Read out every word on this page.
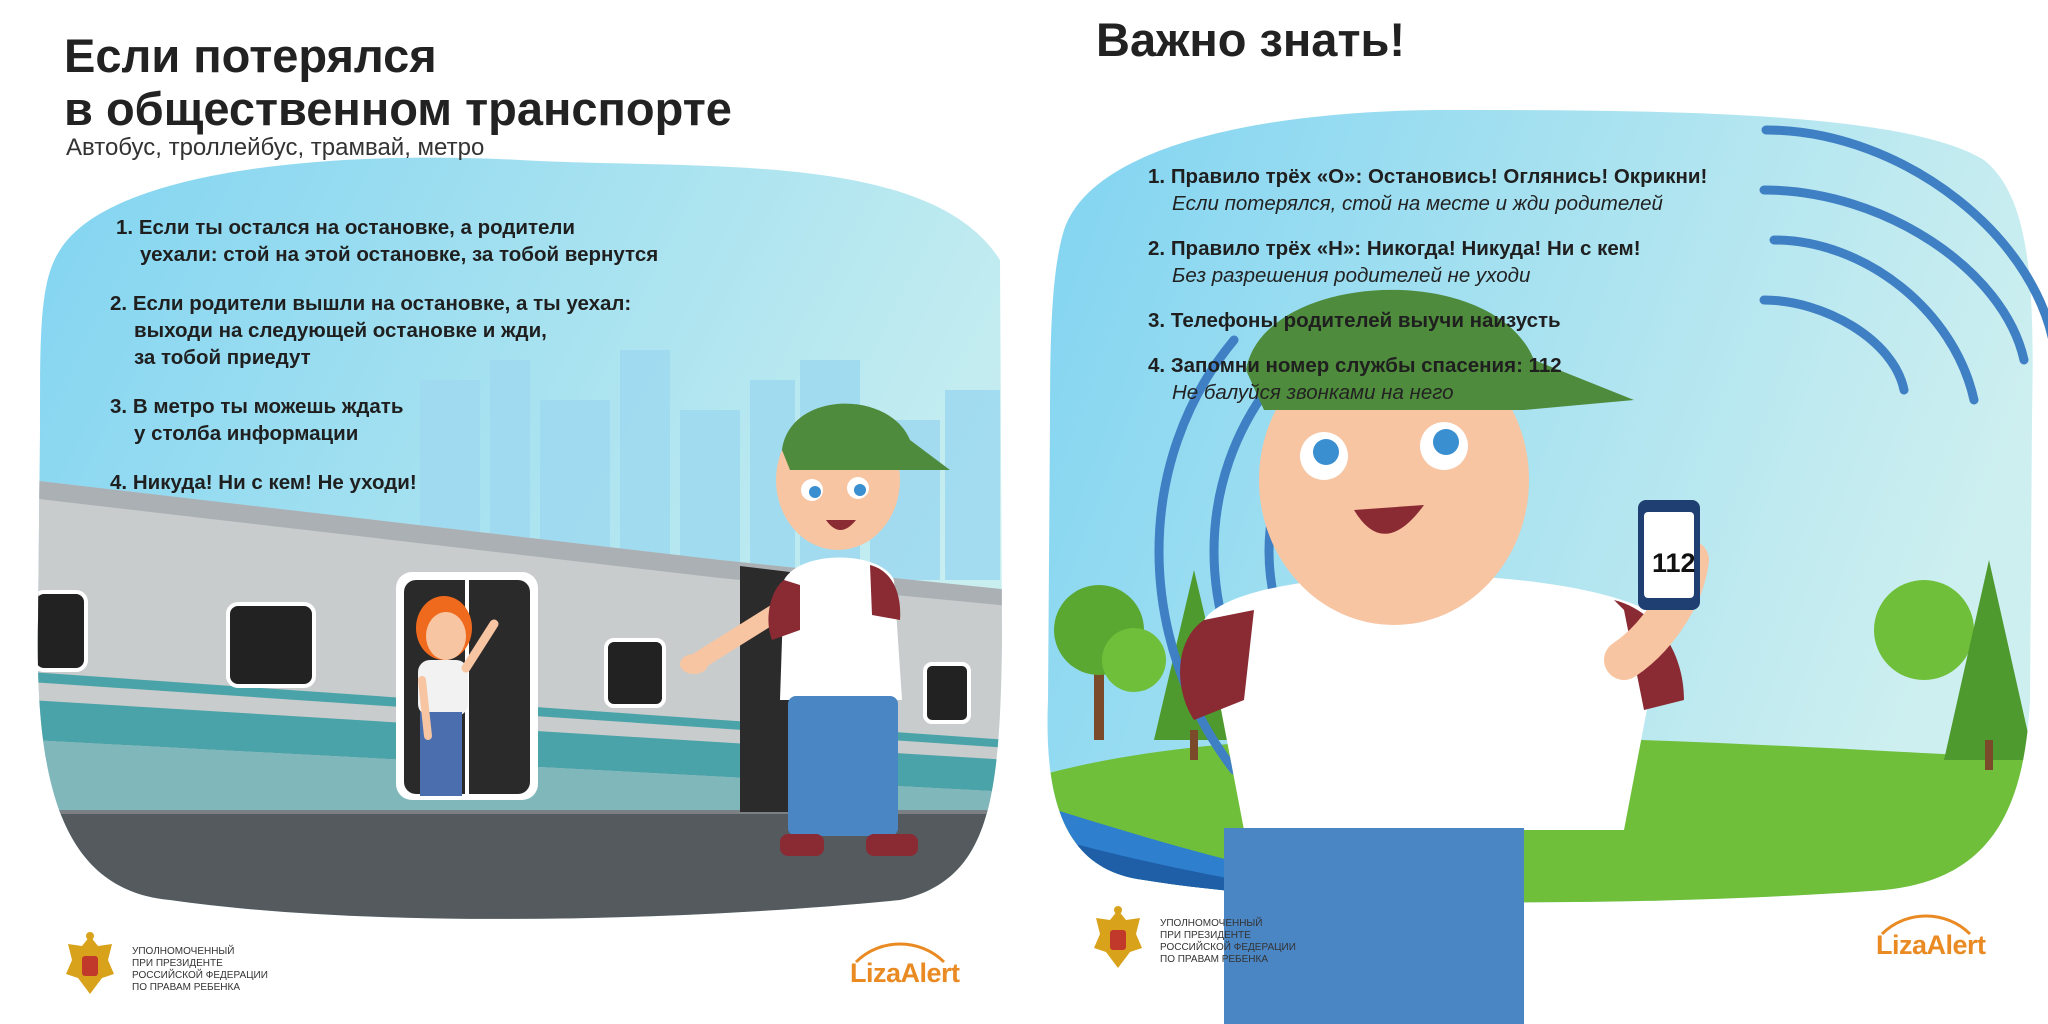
Если потерялся
в общественном транспорте
Автобус, троллейбус, трамвай, метро
1. Если ты остался на остановке, а родители
уехали: стой на этой остановке, за тобой вернутся
2. Если родители вышли на остановке, а ты уехал:
выходи на следующей остановке и жди,
за тобой приедут
3. В метро ты можешь ждать
у столба информации
4. Никуда! Ни с кем! Не уходи!
УПОЛНОМОЧЕННЫЙ
ПРИ ПРЕЗИДЕНТЕ
РОССИЙСКОЙ ФЕДЕРАЦИИ
ПО ПРАВАМ РЕБЕНКА	LizaAlert
112
Важно знать!
1. Правило трёх «О»: Остановись! Оглянись! Окрикни!
Если потерялся, стой на месте и жди родителей
2. Правило трёх «Н»: Никогда! Никуда! Ни с кем!
Без разрешения родителей не уходи
3. Телефоны родителей выучи наизусть
4. Запомни номер службы спасения: 112
Не балуйся звонками на него
УПОЛНОМОЧЕННЫЙ
ПРИ ПРЕЗИДЕНТЕ
РОССИЙСКОЙ ФЕДЕРАЦИИ
ПО ПРАВАМ РЕБЕНКА	LizaAlert
